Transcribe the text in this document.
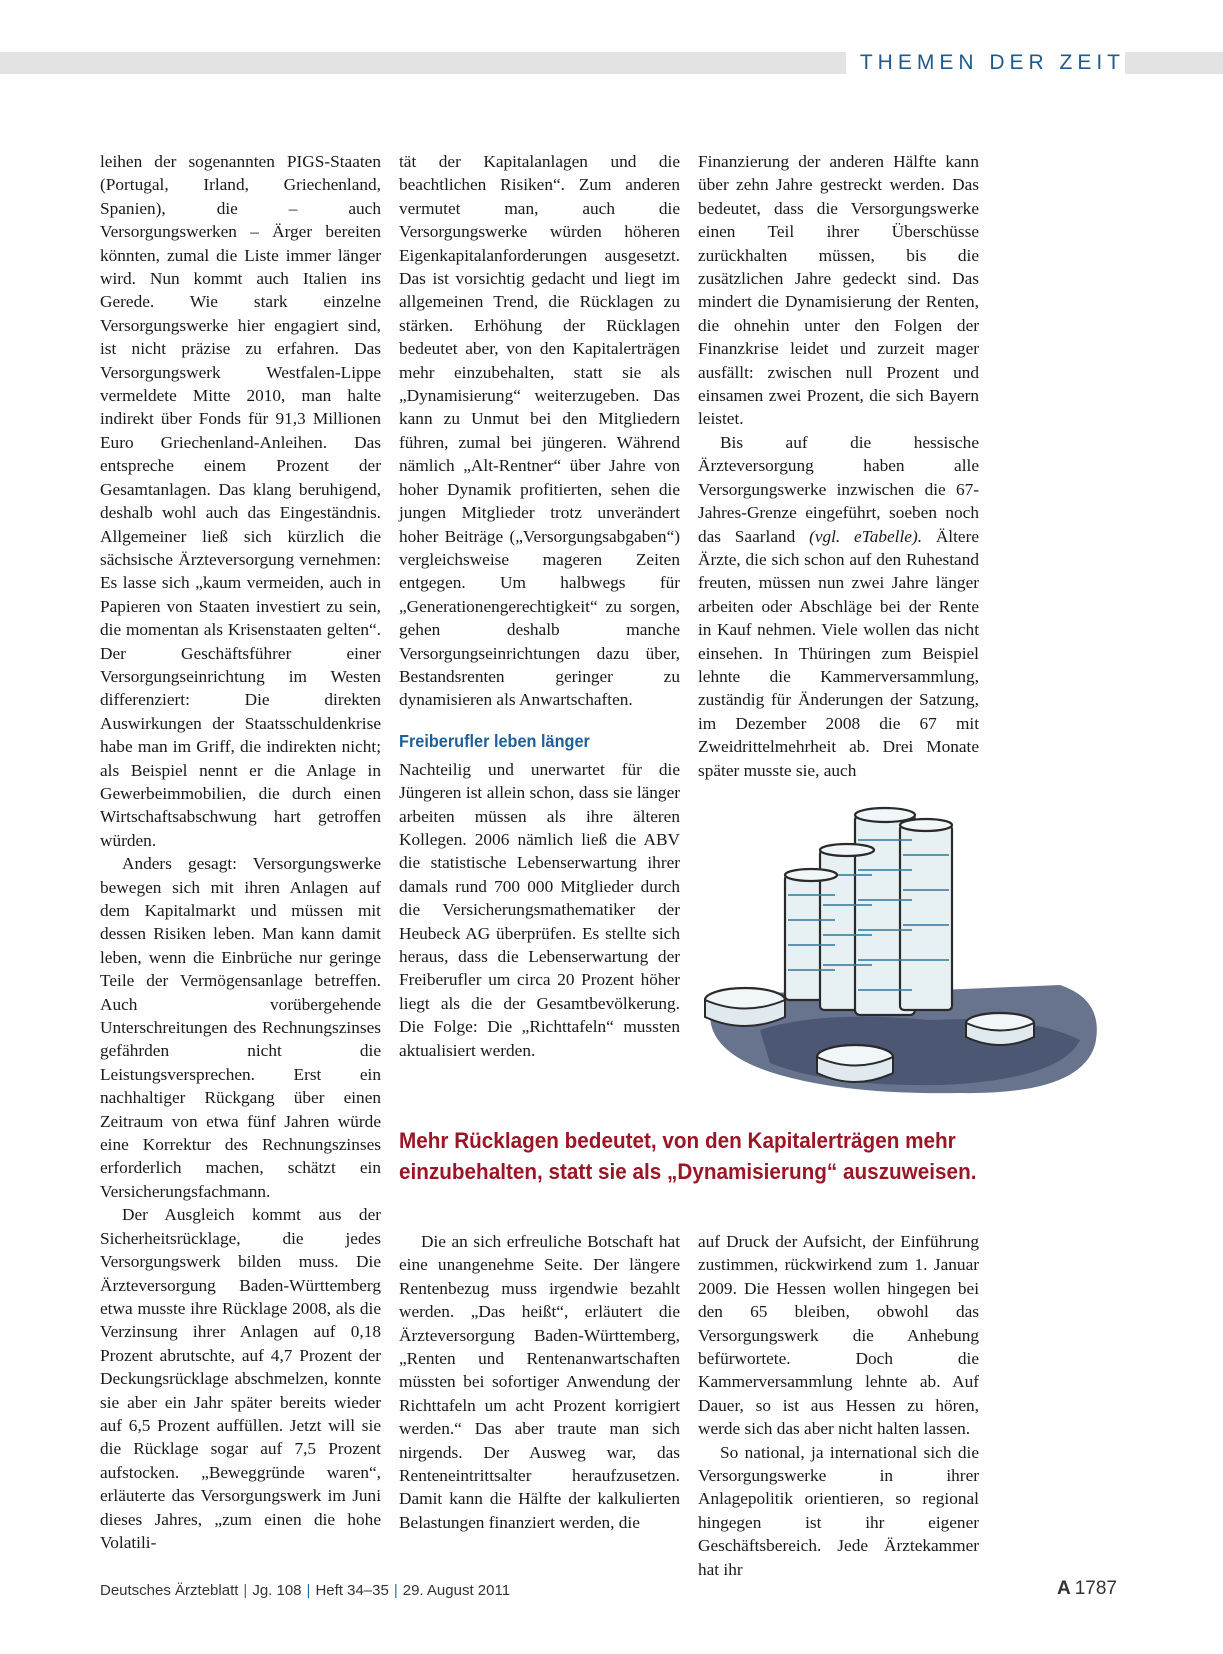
THEMEN DER ZEIT

leihen der sogenannten PIGS-Staaten (Portugal, Irland, Griechenland, Spanien), die – auch Versorgungswerken – Ärger bereiten könnten, zumal die Liste immer länger wird. Nun kommt auch Italien ins Gerede. Wie stark einzelne Versorgungswerke hier engagiert sind, ist nicht präzise zu erfahren. Das Versorgungswerk Westfalen-Lippe vermeldete Mitte 2010, man halte indirekt über Fonds für 91,3 Millionen Euro Griechenland-Anleihen. Das entspreche einem Prozent der Gesamtanlagen. Das klang beruhigend, deshalb wohl auch das Eingeständnis. Allgemeiner ließ sich kürzlich die sächsische Ärzteversorgung vernehmen: Es lasse sich „kaum vermeiden, auch in Papieren von Staaten investiert zu sein, die momentan als Krisenstaaten gelten“. Der Geschäftsführer einer Versorgungseinrichtung im Westen differenziert: Die direkten Auswirkungen der Staatsschuldenkrise habe man im Griff, die indirekten nicht; als Beispiel nennt er die Anlage in Gewerbeimmobilien, die durch einen Wirtschaftsabschwung hart getroffen würden.

Anders gesagt: Versorgungswerke bewegen sich mit ihren Anlagen auf dem Kapitalmarkt und müssen mit dessen Risiken leben. Man kann damit leben, wenn die Einbrüche nur geringe Teile der Vermögensanlage betreffen. Auch vorübergehende Unterschreitungen des Rechnungszinses gefährden nicht die Leistungsversprechen. Erst ein nachhaltiger Rückgang über einen Zeitraum von etwa fünf Jahren würde eine Korrektur des Rechnungszinses erforderlich machen, schätzt ein Versicherungsfachmann.

Der Ausgleich kommt aus der Sicherheitsrücklage, die jedes Versorgungswerk bilden muss. Die Ärzteversorgung Baden-Württemberg etwa musste ihre Rücklage 2008, als die Verzinsung ihrer Anlagen auf 0,18 Prozent abrutschte, auf 4,7 Prozent der Deckungsrücklage abschmelzen, konnte sie aber ein Jahr später bereits wieder auf 6,5 Prozent auffüllen. Jetzt will sie die Rücklage sogar auf 7,5 Prozent aufstocken. „Beweggründe waren“, erläuterte das Versorgungswerk im Juni dieses Jahres, „zum einen die hohe Volatili-

tät der Kapitalanlagen und die beachtlichen Risiken“. Zum anderen vermutet man, auch die Versorgungswerke würden höheren Eigenkapitalanforderungen ausgesetzt. Das ist vorsichtig gedacht und liegt im allgemeinen Trend, die Rücklagen zu stärken. Erhöhung der Rücklagen bedeutet aber, von den Kapitalerträgen mehr einzubehalten, statt sie als „Dynamisierung“ weiterzugeben. Das kann zu Unmut bei den Mitgliedern führen, zumal bei jüngeren. Während nämlich „Alt-Rentner“ über Jahre von hoher Dynamik profitierten, sehen die jungen Mitglieder trotz unverändert hoher Beiträge („Versorgungsabgaben“) vergleichsweise mageren Zeiten entgegen. Um halbwegs für „Generationengerechtigkeit“ zu sorgen, gehen deshalb manche Versorgungseinrichtungen dazu über, Bestandsrenten geringer zu dynamisieren als Anwartschaften.

Freiberufler leben länger

Nachteilig und unerwartet für die Jüngeren ist allein schon, dass sie länger arbeiten müssen als ihre älteren Kollegen. 2006 nämlich ließ die ABV die statistische Lebenserwartung ihrer damals rund 700 000 Mitglieder durch die Versicherungsmathematiker der Heubeck AG überprüfen. Es stellte sich heraus, dass die Lebenserwartung der Freiberufler um circa 20 Prozent höher liegt als die der Gesamtbevölkerung. Die Folge: Die „Richttafeln“ mussten aktualisiert werden.

Finanzierung der anderen Hälfte kann über zehn Jahre gestreckt werden. Das bedeutet, dass die Versorgungswerke einen Teil ihrer Überschüsse zurückhalten müssen, bis die zusätzlichen Jahre gedeckt sind. Das mindert die Dynamisierung der Renten, die ohnehin unter den Folgen der Finanzkrise leidet und zurzeit mager ausfällt: zwischen null Prozent und einsamen zwei Prozent, die sich Bayern leistet.

Bis auf die hessische Ärzteversorgung haben alle Versorgungswerke inzwischen die 67-Jahres-Grenze eingeführt, soeben noch das Saarland (vgl. eTabelle). Ältere Ärzte, die sich schon auf den Ruhestand freuten, müssen nun zwei Jahre länger arbeiten oder Abschläge bei der Rente in Kauf nehmen. Viele wollen das nicht einsehen. In Thüringen zum Beispiel lehnte die Kammerversammlung, zuständig für Änderungen der Satzung, im Dezember 2008 die 67 mit Zweidrittelmehrheit ab. Drei Monate später musste sie, auch

Mehr Rücklagen bedeutet, von den Kapitalerträgen mehr einzubehalten, statt sie als „Dynamisierung“ auszuweisen.

Die an sich erfreuliche Botschaft hat eine unangenehme Seite. Der längere Rentenbezug muss irgendwie bezahlt werden. „Das heißt“, erläutert die Ärzteversorgung Baden-Württemberg, „Renten und Rentenanwartschaften müssten bei sofortiger Anwendung der Richttafeln um acht Prozent korrigiert werden.“ Das aber traute man sich nirgends. Der Ausweg war, das Renteneintrittsalter heraufzusetzen. Damit kann die Hälfte der kalkulierten Belastungen finanziert werden, die

auf Druck der Aufsicht, der Einführung zustimmen, rückwirkend zum 1. Januar 2009. Die Hessen wollen hingegen bei den 65 bleiben, obwohl das Versorgungswerk die Anhebung befürwortete. Doch die Kammerversammlung lehnte ab. Auf Dauer, so ist aus Hessen zu hören, werde sich das aber nicht halten lassen.

So national, ja international sich die Versorgungswerke in ihrer Anlagepolitik orientieren, so regional hingegen ist ihr eigener Geschäftsbereich. Jede Ärztekammer hat ihr

Deutsches Ärzteblatt | Jg. 108 | Heft 34–35 | 29. August 2011	A 1787
